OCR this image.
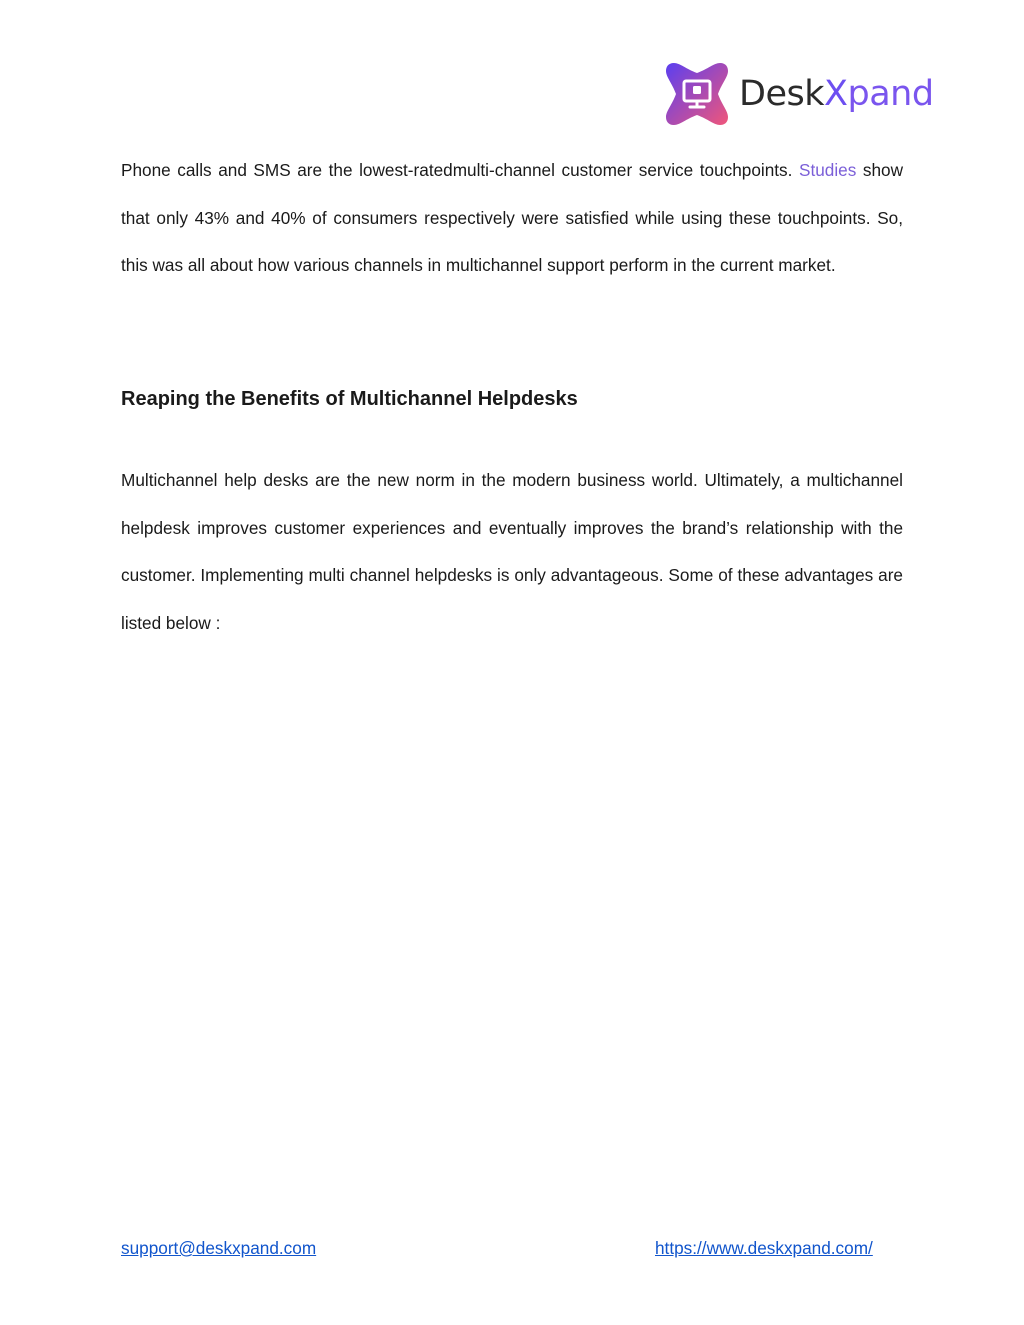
DeskXpand

Phone calls and SMS are the lowest-ratedmulti-channel customer service touchpoints. Studies show that only 43% and 40% of consumers respectively were satisfied while using these touchpoints. So, this was all about how various channels in multichannel support perform in the current market.

Reaping the Benefits of Multichannel Helpdesks

Multichannel help desks are the new norm in the modern business world. Ultimately, a multichannel helpdesk improves customer experiences and eventually improves the brand’s relationship with the customer. Implementing multi channel helpdesks is only advantageous. Some of these advantages are listed below :

support@deskxpand.com	https://www.deskxpand.com/
